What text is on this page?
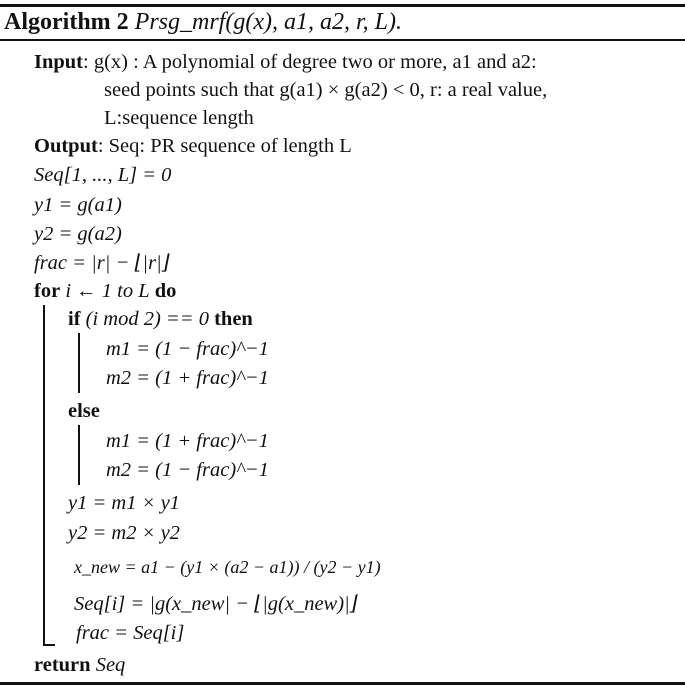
Algorithm 2 Prsg_mrf(g(x), a1, a2, r, L).
Input: g(x) : A polynomial of degree two or more, a1 and a2:
seed points such that g(a1) × g(a2) < 0, r: a real value,
L:sequence length
Output: Seq: PR sequence of length L
Seq[1, ..., L] = 0
y1 = g(a1)
y2 = g(a2)
frac = |r| − ⌊|r|⌋
for i ← 1 to L do
if (i mod 2) == 0 then
m1 = (1 − frac)^−1
m2 = (1 + frac)^−1
else
m1 = (1 + frac)^−1
m2 = (1 − frac)^−1
y1 = m1 × y1
y2 = m2 × y2
x_new = a1 − (y1 × (a2 − a1)) / (y2 − y1)
Seq[i] = |g(x_new| − ⌊|g(x_new)|⌋
frac = Seq[i]
return Seq
